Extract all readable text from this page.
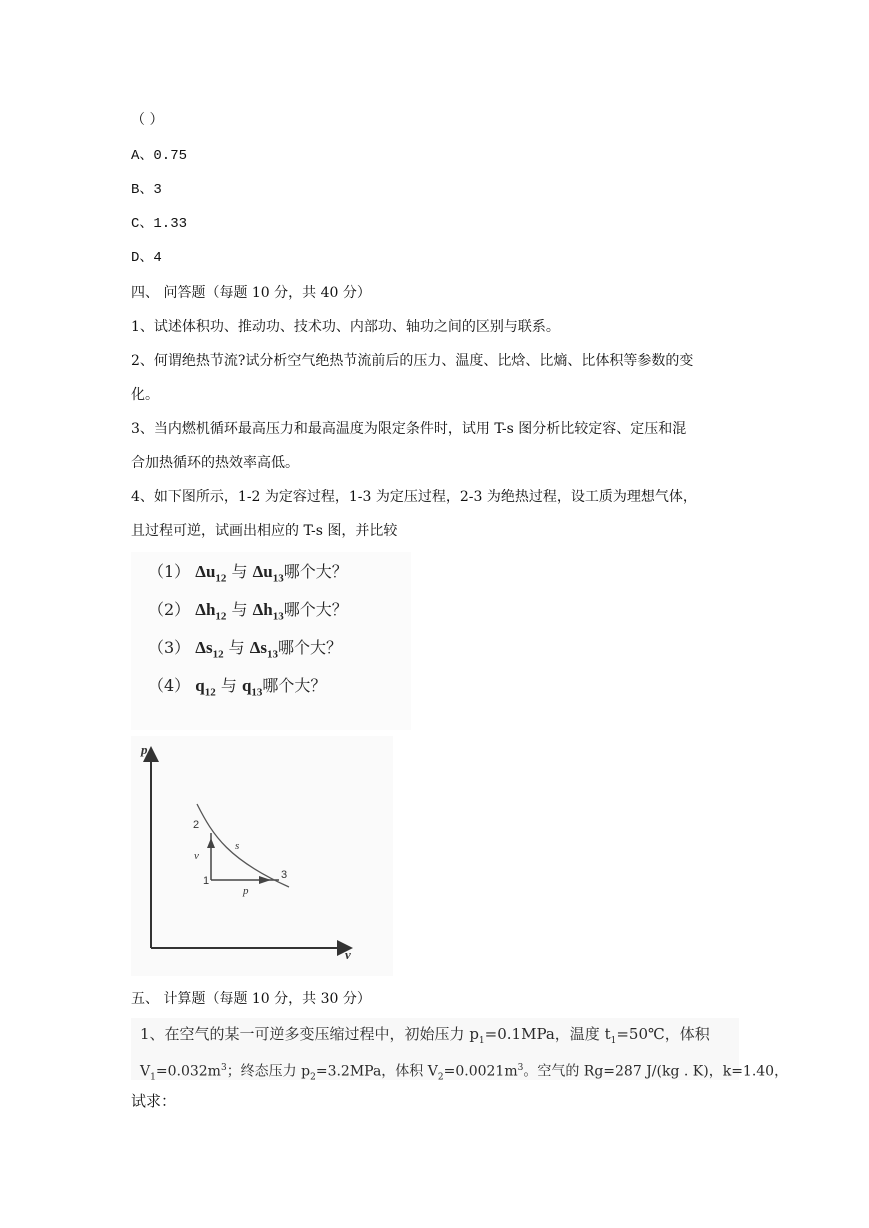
（ ）
A、0.75
B、3
C、1.33
D、4
四、 问答题（每题 10 分，共 40 分）
1、试述体积功、推动功、技术功、内部功、轴功之间的区别与联系。
2、何谓绝热节流?试分析空气绝热节流前后的压力、温度、比焓、比熵、比体积等参数的变
化。
3、当内燃机循环最高压力和最高温度为限定条件时，试用 T-s 图分析比较定容、定压和混
合加热循环的热效率高低。
4、如下图所示，1-2 为定容过程，1-3 为定压过程，2-3 为绝热过程，设工质为理想气体，
且过程可逆，试画出相应的 T-s 图，并比较
（1） $\Delta u_{12}$ 与 $\Delta u_{13}$哪个大？
（2） $\Delta h_{12}$ 与 $\Delta h_{13}$哪个大？
（3） $\Delta s_{12}$ 与 $\Delta s_{13}$哪个大？
（4） $q_{12}$ 与 $q_{13}$哪个大？
p
v
2
1	3
v
s
p
五、 计算题（每题 10 分，共 30 分）
1、在空气的某一可逆多变压缩过程中，初始压力 $p_1=0.1MPa$，温度 $t_1=50℃$，体积
$V_1=0.032m^3$；终态压力 $p_2=3.2MPa$，体积 $V_2=0.0021m^3$。空气的 Rg=287 J/(kg . K)，k=1.40，
试求：
